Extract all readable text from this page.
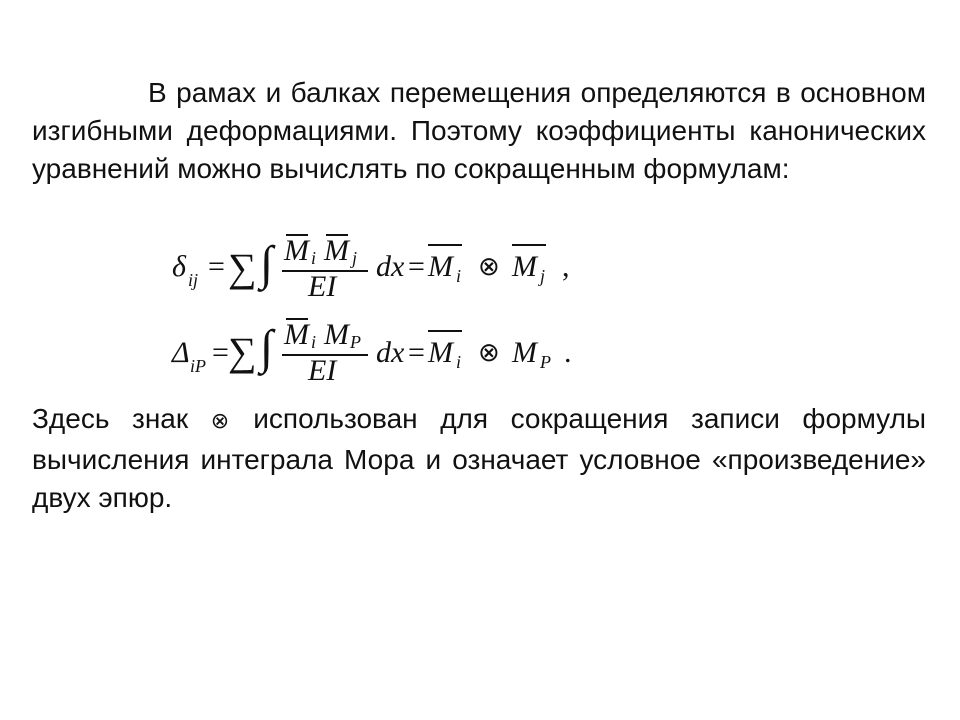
В рамах и балках перемещения определяются в основном изгибными деформациями. Поэтому коэффициенты канонических уравнений можно вычислять по сокращенным формулам:
δ ij = ∑ ∫ M i M j
EI
dx = M i ⊗ M j ,
Δ iP = ∑ ∫ M i M P
EI
dx = M i ⊗ M P .
Здесь знак ⊗ использован для сокращения записи формулы вычисления интеграла Мора и означает условное «произведение» двух эпюр.
